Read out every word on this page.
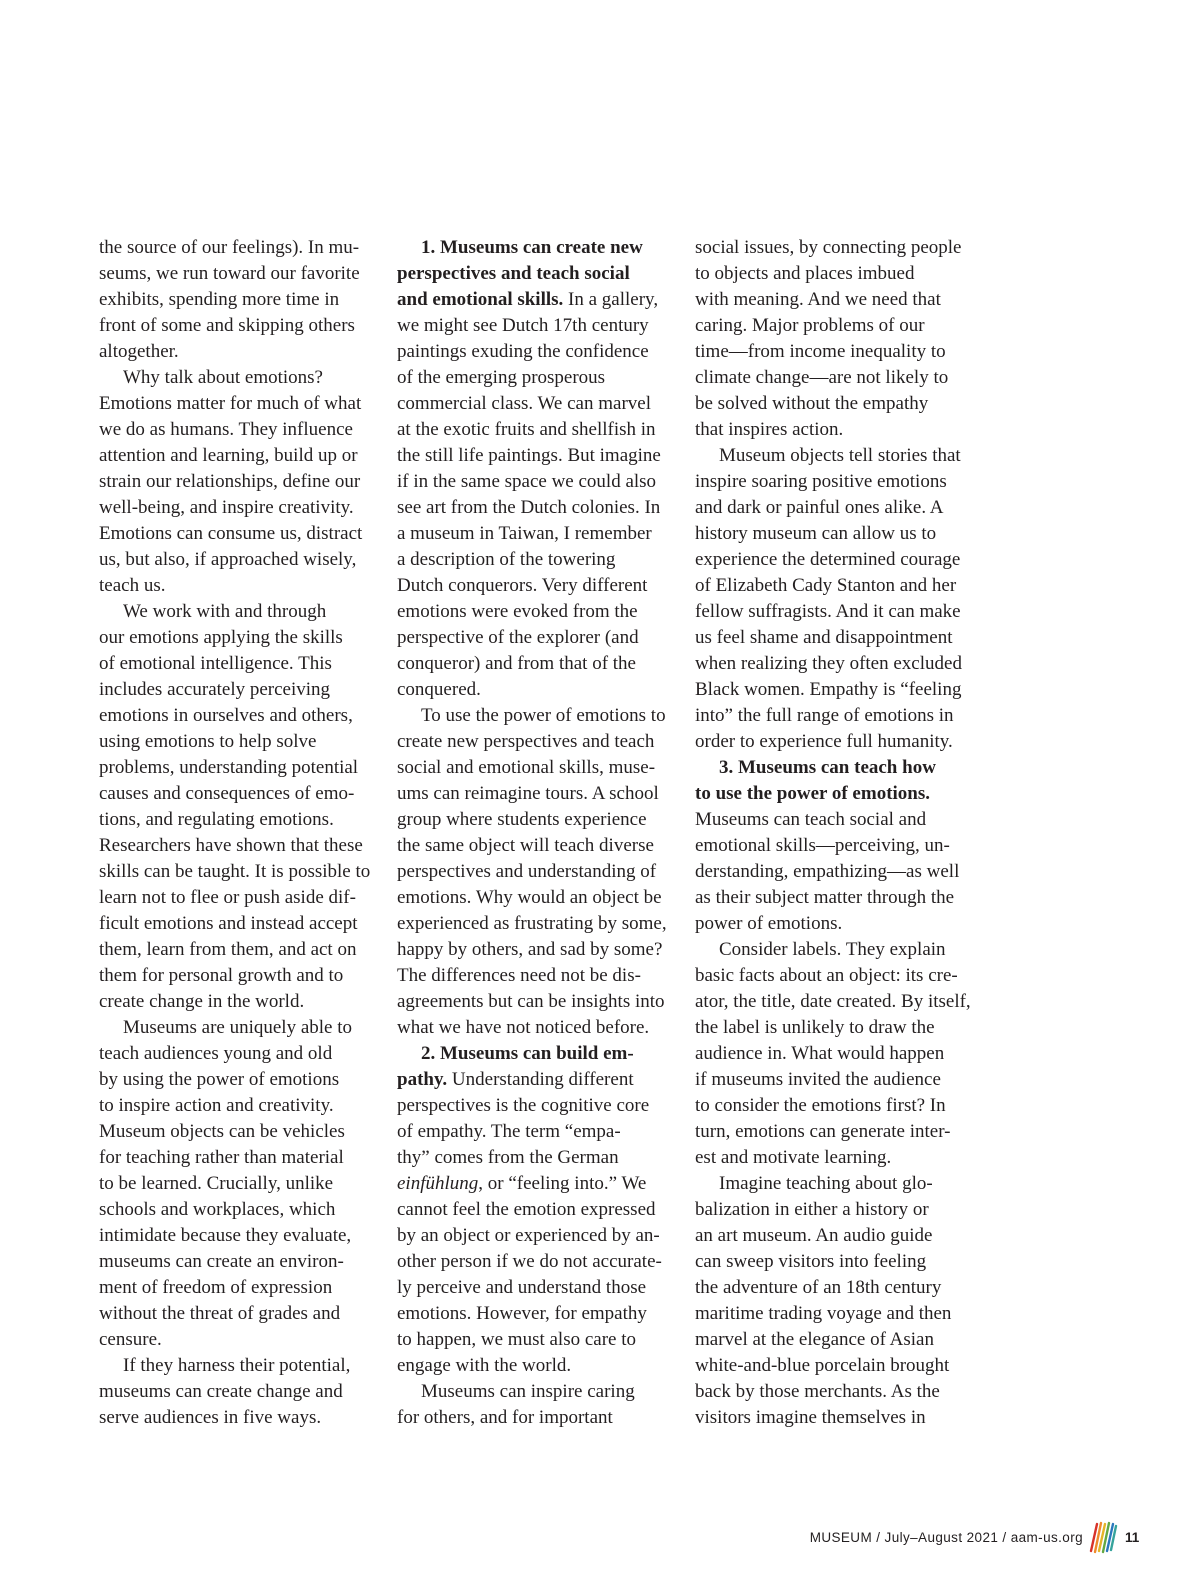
the source of our feelings). In mu-
seums, we run toward our favorite
exhibits, spending more time in
front of some and skipping others
altogether.
Why talk about emotions?
Emotions matter for much of what
we do as humans. They influence
attention and learning, build up or
strain our relationships, define our
well-being, and inspire creativity.
Emotions can consume us, distract
us, but also, if approached wisely,
teach us.
We work with and through
our emotions applying the skills
of emotional intelligence. This
includes accurately perceiving
emotions in ourselves and others,
using emotions to help solve
problems, understanding potential
causes and consequences of emo-
tions, and regulating emotions.
Researchers have shown that these
skills can be taught. It is possible to
learn not to flee or push aside dif-
ficult emotions and instead accept
them, learn from them, and act on
them for personal growth and to
create change in the world.
Museums are uniquely able to
teach audiences young and old
by using the power of emotions
to inspire action and creativity.
Museum objects can be vehicles
for teaching rather than material
to be learned. Crucially, unlike
schools and workplaces, which
intimidate because they evaluate,
museums can create an environ-
ment of freedom of expression
without the threat of grades and
censure.
If they harness their potential,
museums can create change and
serve audiences in five ways.
1. Museums can create new
perspectives and teach social
and emotional skills. In a gallery,
we might see Dutch 17th century
paintings exuding the confidence
of the emerging prosperous
commercial class. We can marvel
at the exotic fruits and shellfish in
the still life paintings. But imagine
if in the same space we could also
see art from the Dutch colonies. In
a museum in Taiwan, I remember
a description of the towering
Dutch conquerors. Very different
emotions were evoked from the
perspective of the explorer (and
conqueror) and from that of the
conquered.
To use the power of emotions to
create new perspectives and teach
social and emotional skills, muse-
ums can reimagine tours. A school
group where students experience
the same object will teach diverse
perspectives and understanding of
emotions. Why would an object be
experienced as frustrating by some,
happy by others, and sad by some?
The differences need not be dis-
agreements but can be insights into
what we have not noticed before.
2. Museums can build em-
pathy. Understanding different
perspectives is the cognitive core
of empathy. The term “empa-
thy” comes from the German
einfühlung, or “feeling into.” We
cannot feel the emotion expressed
by an object or experienced by an-
other person if we do not accurate-
ly perceive and understand those
emotions. However, for empathy
to happen, we must also care to
engage with the world.
Museums can inspire caring
for others, and for important
social issues, by connecting people
to objects and places imbued
with meaning. And we need that
caring. Major problems of our
time—from income inequality to
climate change—are not likely to
be solved without the empathy
that inspires action.
Museum objects tell stories that
inspire soaring positive emotions
and dark or painful ones alike. A
history museum can allow us to
experience the determined courage
of Elizabeth Cady Stanton and her
fellow suffragists. And it can make
us feel shame and disappointment
when realizing they often excluded
Black women. Empathy is “feeling
into” the full range of emotions in
order to experience full humanity.
3. Museums can teach how
to use the power of emotions.
Museums can teach social and
emotional skills—perceiving, un-
derstanding, empathizing—as well
as their subject matter through the
power of emotions.
Consider labels. They explain
basic facts about an object: its cre-
ator, the title, date created. By itself,
the label is unlikely to draw the
audience in. What would happen
if museums invited the audience
to consider the emotions first? In
turn, emotions can generate inter-
est and motivate learning.
Imagine teaching about glo-
balization in either a history or
an art museum. An audio guide
can sweep visitors into feeling
the adventure of an 18th century
maritime trading voyage and then
marvel at the elegance of Asian
white-and-blue porcelain brought
back by those merchants. As the
visitors imagine themselves in
MUSEUM / July–August 2021 / aam-us.org	11
